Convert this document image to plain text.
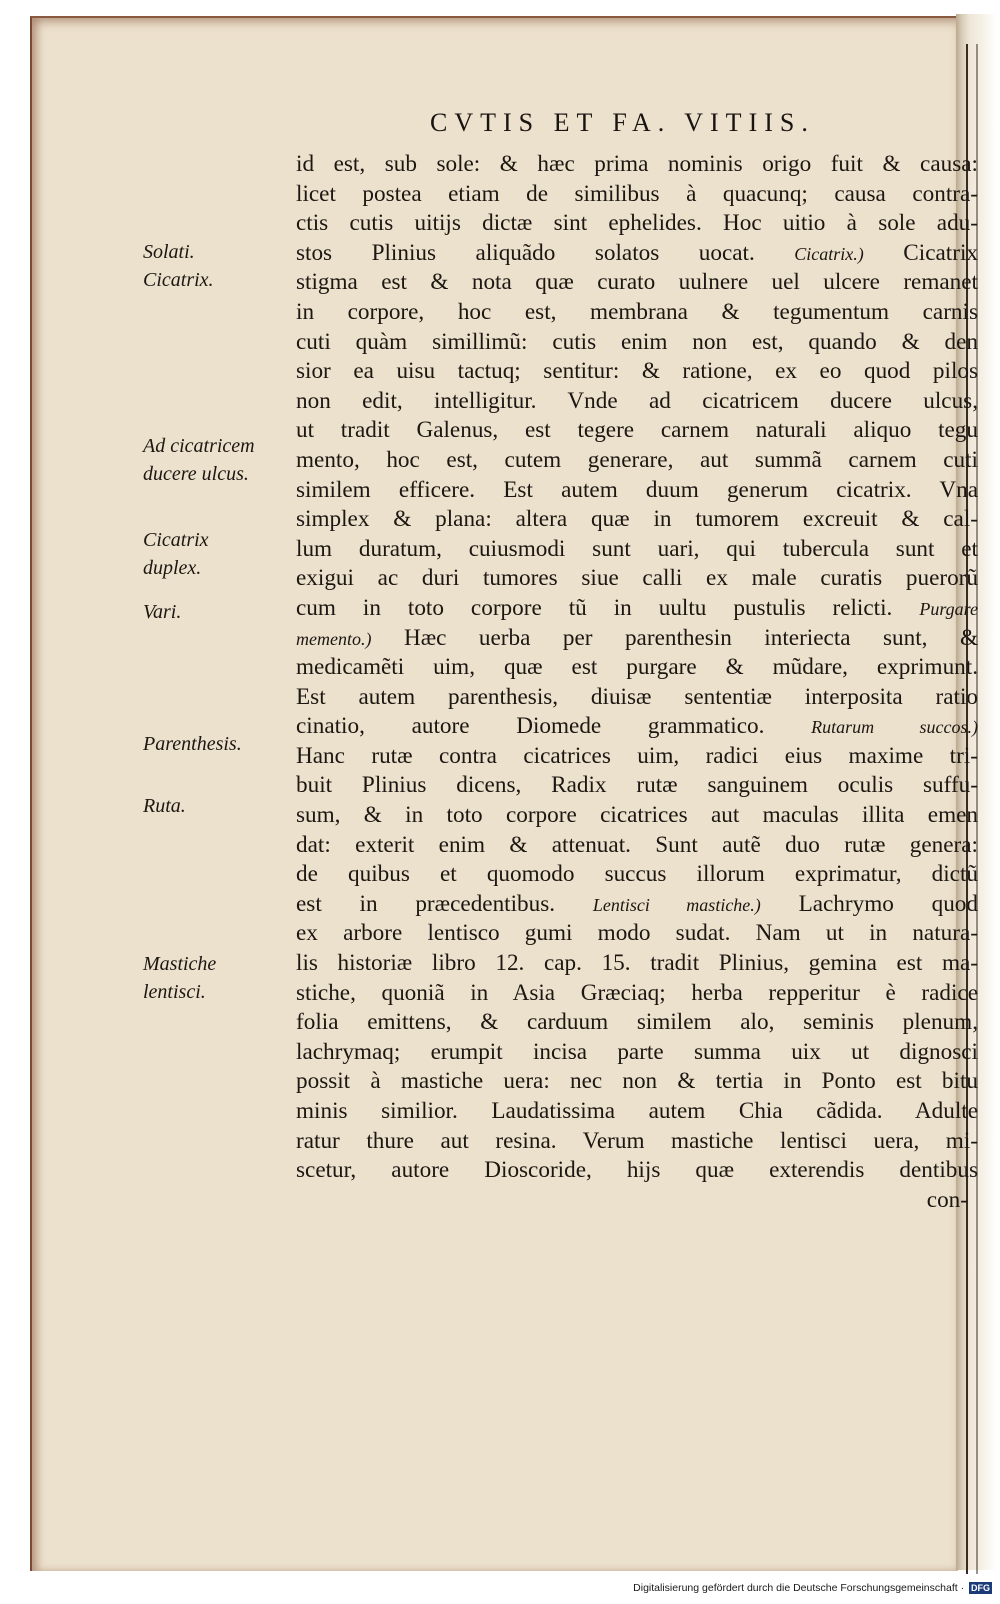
CVTIS ET FA. VITIIS.
Solati.
Cicatrix.
Ad cicatricem
ducere ulcus.
Cicatrix
duplex.
Vari.
Parenthesis.
Ruta.
Mastiche
lentisci.
id est, sub sole: & hæc prima nominis origo fuit & causa:
licet postea etiam de similibus à quacunq; causa contra-
ctis cutis uitijs dictæ sint ephelides. Hoc uitio à sole adu-
stos Plinius aliquãdo solatos uocat. Cicatrix.) Cicatrix
stigma est & nota quæ curato uulnere uel ulcere remanet
in corpore, hoc est, membrana & tegumentum carnis
cuti quàm simillimũ: cutis enim non est, quando & den
sior ea uisu tactuq; sentitur: & ratione, ex eo quod pilos
non edit, intelligitur. Vnde ad cicatricem ducere ulcus,
ut tradit Galenus, est tegere carnem naturali aliquo tegu
mento, hoc est, cutem generare, aut summã carnem cuti
similem efficere. Est autem duum generum cicatrix. Vna
simplex & plana: altera quæ in tumorem excreuit & cal-
lum duratum, cuiusmodi sunt uari, qui tubercula sunt et
exigui ac duri tumores siue calli ex male curatis puerorũ
cum in toto corpore tũ in uultu pustulis relicti. Purgare
memento.) Hæc uerba per parenthesin interiecta sunt, &
medicamẽti uim, quæ est purgare & mũdare, exprimunt.
Est autem parenthesis, diuisæ sententiæ interposita ratio
cinatio, autore Diomede grammatico. Rutarum succos.)
Hanc rutæ contra cicatrices uim, radici eius maxime tri-
buit Plinius dicens, Radix rutæ sanguinem oculis suffu-
sum, & in toto corpore cicatrices aut maculas illita emen
dat: exterit enim & attenuat. Sunt autẽ duo rutæ genera:
de quibus et quomodo succus illorum exprimatur, dictũ
est in præcedentibus. Lentisci mastiche.) Lachrymo quod
ex arbore lentisco gumi modo sudat. Nam ut in natura-
lis historiæ libro 12. cap. 15. tradit Plinius, gemina est ma-
stiche, quoniã in Asia Græciaq; herba repperitur è radice
folia emittens, & carduum similem alo, seminis plenum,
lachrymaq; erumpit incisa parte summa uix ut dignosci
possit à mastiche uera: nec non & tertia in Ponto est bitu
minis similior. Laudatissima autem Chia cãdida. Adulte
ratur thure aut resina. Verum mastiche lentisci uera, mi-
scetur, autore Dioscoride, hijs quæ exterendis dentibus
con-
Digitalisierung gefördert durch die Deutsche Forschungsgemeinschaft · DFG
